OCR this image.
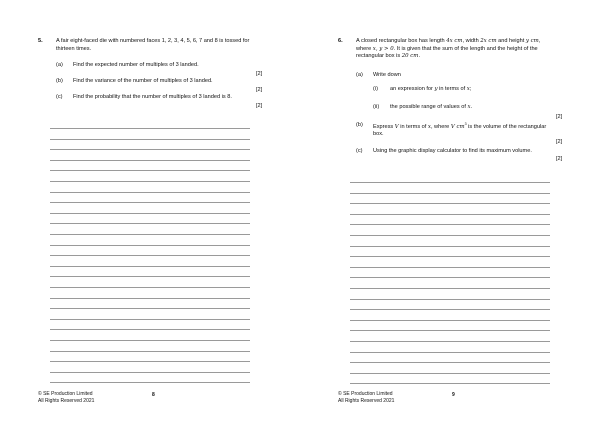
5. A fair eight-faced die with numbered faces 1, 2, 3, 4, 5, 6, 7 and 8 is tossed for
thirteen times.
(a)	Find the expected number of multiples of 3 landed.
[2]
(b)	Find the variance of the number of multiples of 3 landed.
[2]
(c)	Find the probability that the number of multiples of 3 landed is 8.
[2]
© SE Production Limited
All Rights Reserved 2021
8
6. A closed rectangular box has length 4x cm, width 2x cm and height y cm,
where x, y > 0. It is given that the sum of the length and the height of the
rectangular box is 20 cm.
(a)	Write down
(i)	an expression for y in terms of x;
(ii)	the possible range of values of x.
[2]
(b)	Express V in terms of x, where V $cm^3$ is the volume of the rectangular
box.
[2]
(c)	Using the graphic display calculator to find its maximum volume.
[2]
© SE Production Limited
All Rights Reserved 2021
9
